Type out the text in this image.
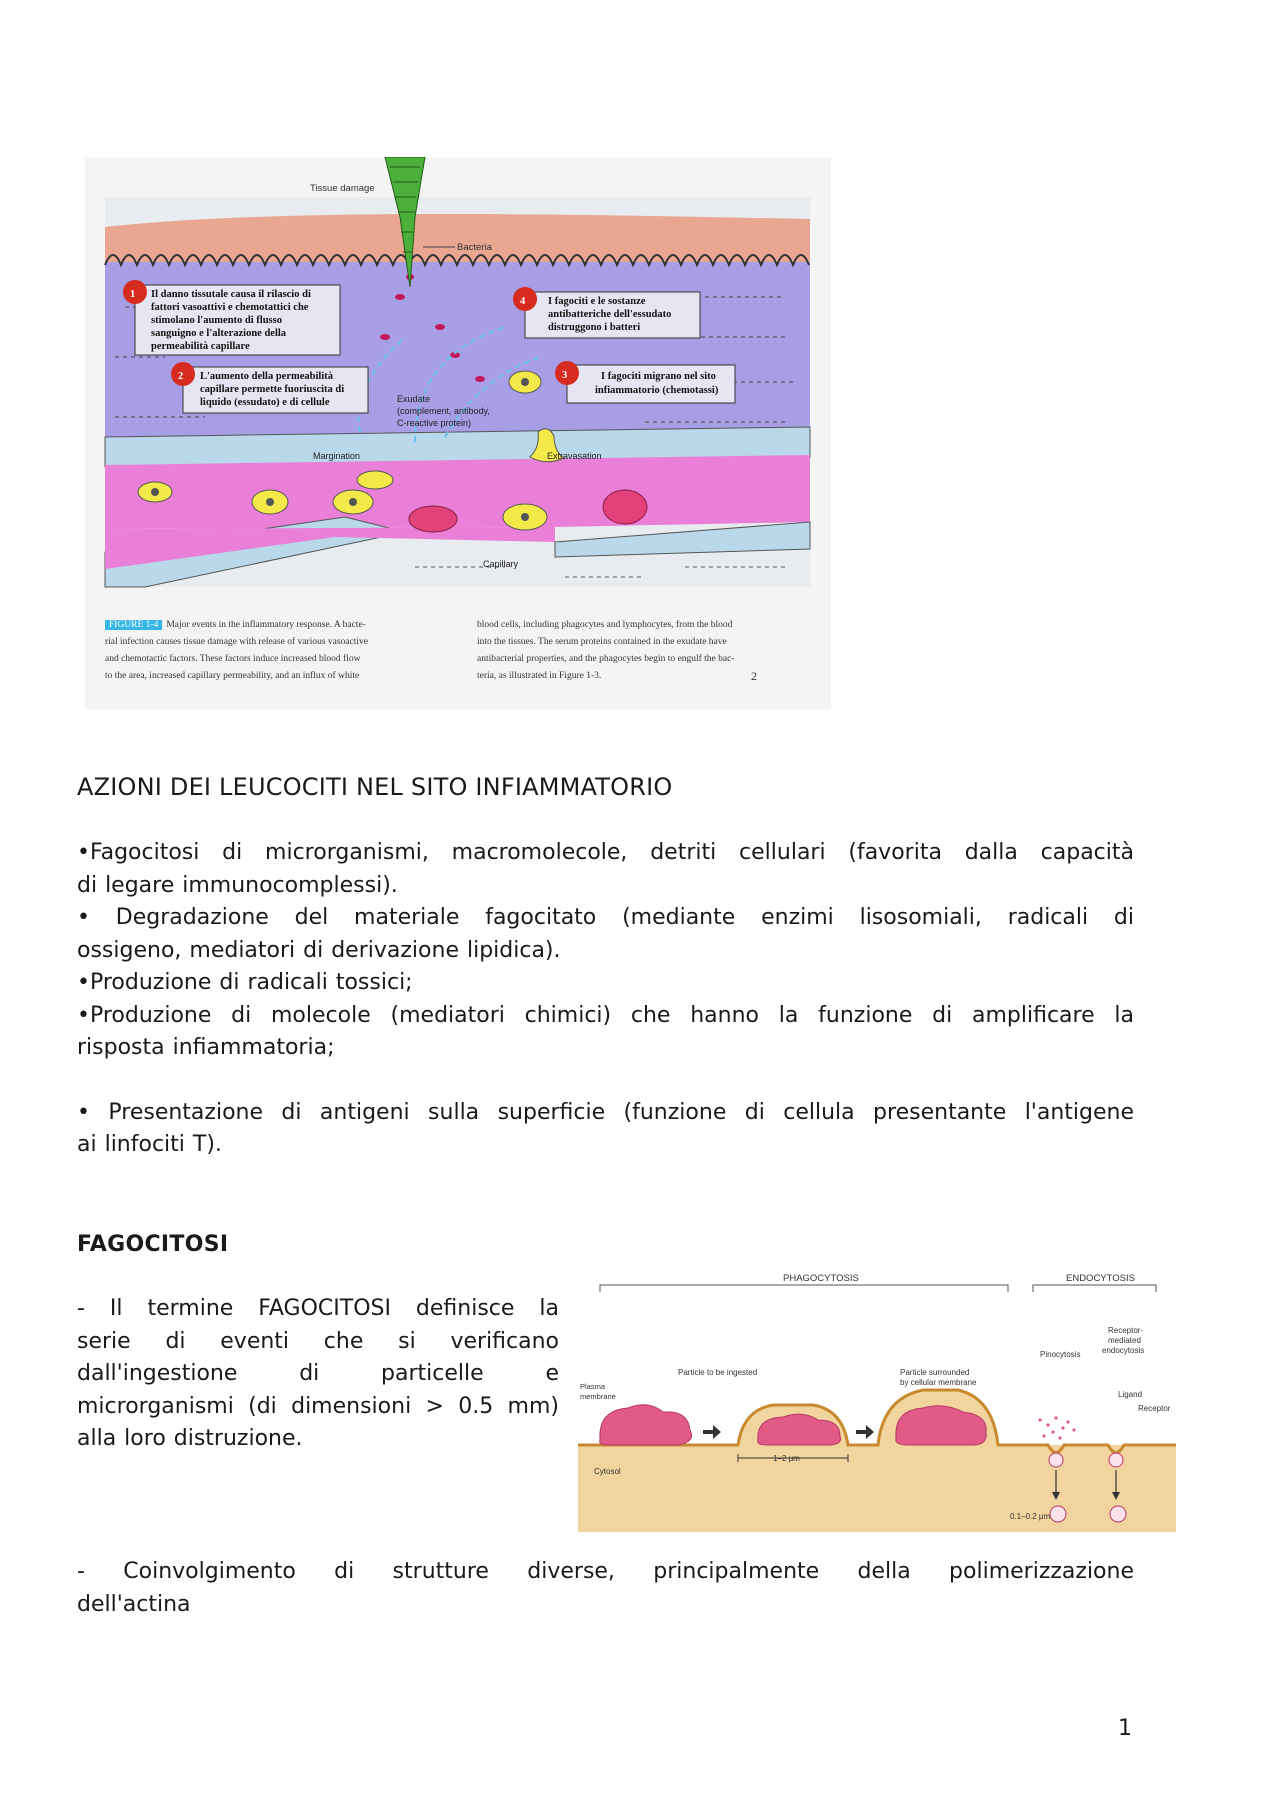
Tissue damage
Bacteria
Exudate
(complement, antibody,
C-reactive protein)
Margination	Extravasation
Capillary
1 Il danno tissutale causa il rilascio di
fattori vasoattivi e chemotattici che
stimolano l'aumento di flusso
sanguigno e l'alterazione della
permeabilità capillare
2 L'aumento della permeabilità
capillare permette fuoriuscita di
liquido (essudato) e di cellule
3	I fagociti migrano nel sito
infiammatorio (chemotassi)
4 I fagociti e le sostanze
antibatteriche dell'essudato
distruggono i batteri
FIGURE 1-4 Major events in the inflammatory response. A bacte-
rial infection causes tissue damage with release of various vasoactive
and chemotactic factors. These factors induce increased blood flow
to the area, increased capillary permeability, and an influx of white
blood cells, including phagocytes and lymphocytes, from the blood
into the tissues. The serum proteins contained in the exudate have
antibacterial properties, and the phagocytes begin to engulf the bac-
teria, as illustrated in Figure 1-3.	2
AZIONI DEI LEUCOCITI NEL SITO INFIAMMATORIO
•Fagocitosi di microrganismi, macromolecole, detriti cellulari (favorita dalla capacità
di legare immunocomplessi).
• Degradazione del materiale fagocitato (mediante enzimi lisosomiali, radicali di
ossigeno, mediatori di derivazione lipidica).
•Produzione di radicali tossici;
•Produzione di molecole (mediatori chimici) che hanno la funzione di amplificare la
risposta infiammatoria;
• Presentazione di antigeni sulla superficie (funzione di cellula presentante l'antigene
ai linfociti T).
FAGOCITOSI
- Il termine FAGOCITOSI definisce la
serie di eventi che si verificano
dall'ingestione di particelle e
microrganismi (di dimensioni > 0.5 mm)
alla loro distruzione.
PHAGOCYTOSIS	ENDOCYTOSIS
1–2 μm
0.1–0.2 μm
Particle to be ingested	Particle surrounded
by cellular membrane
Plasma
membrane
Cytosol
Pinocytosis
Receptor-
mediated
endocytosis
Ligand
Receptor
- Coinvolgimento di strutture diverse, principalmente della polimerizzazione
dell'actina
1
